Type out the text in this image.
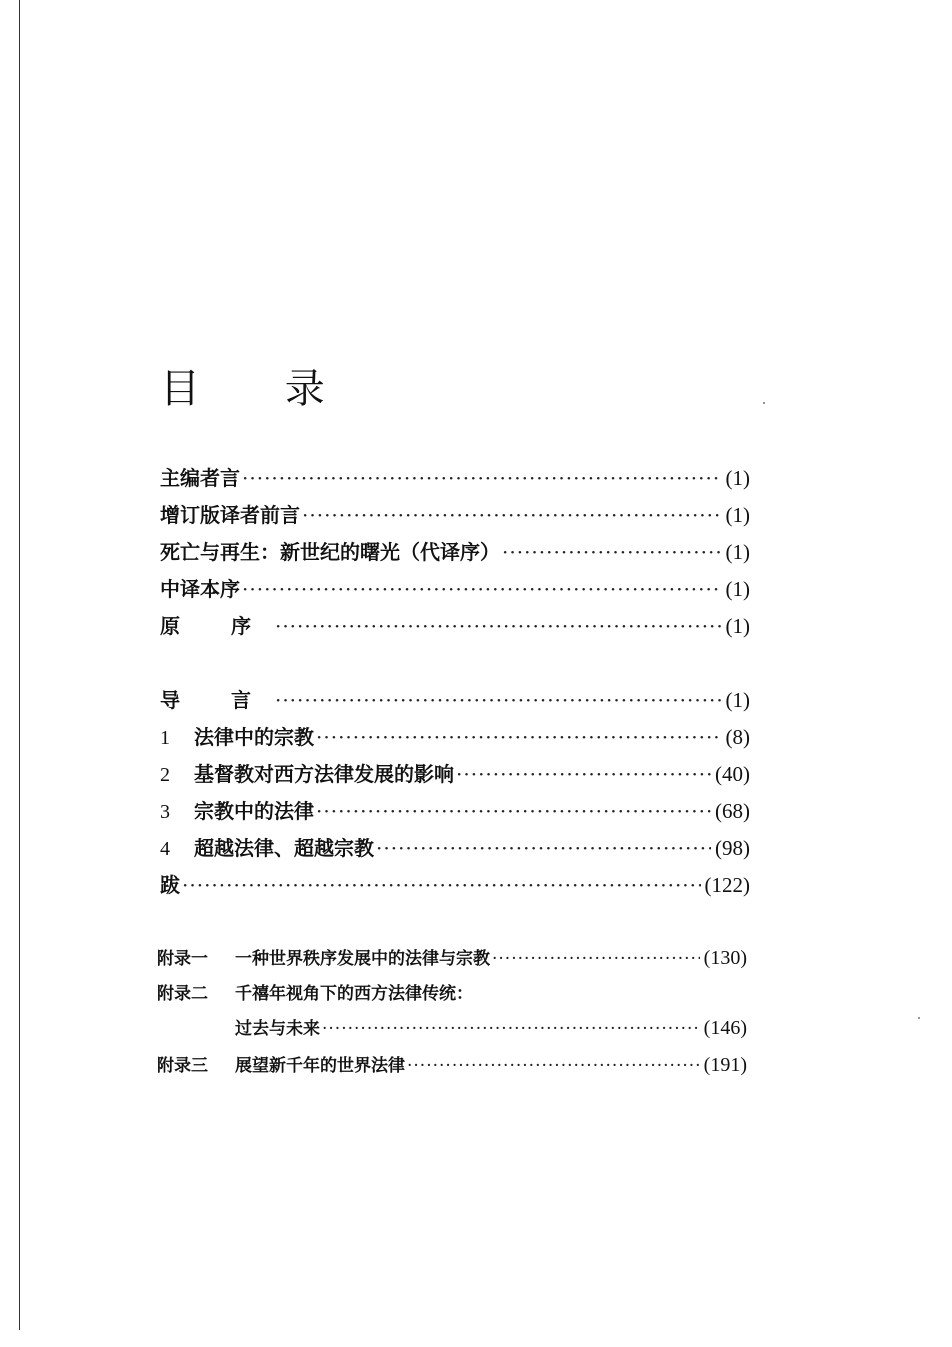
目 录
主编者言 ·····	(1)
增订版译者前言 ·····	(1)
死亡与再生：新世纪的曙光（代译序） ·····	(1)
中译本序 ·····	(1)
原 序 ·····	(1)
导 言 ·····	(1)
1 法律中的宗教 ·····	(8)
2 基督教对西方法律发展的影响 ·····	(40)
3 宗教中的法律 ·····	(68)
4 超越法律、超越宗教 ·····	(98)
跋 ·····	(122)
附录一 一种世界秩序发展中的法律与宗教 ·····	(130)
附录二 千禧年视角下的西方法律传统：
过去与未来 ·····	(146)
附录三 展望新千年的世界法律 ·····	(191)
